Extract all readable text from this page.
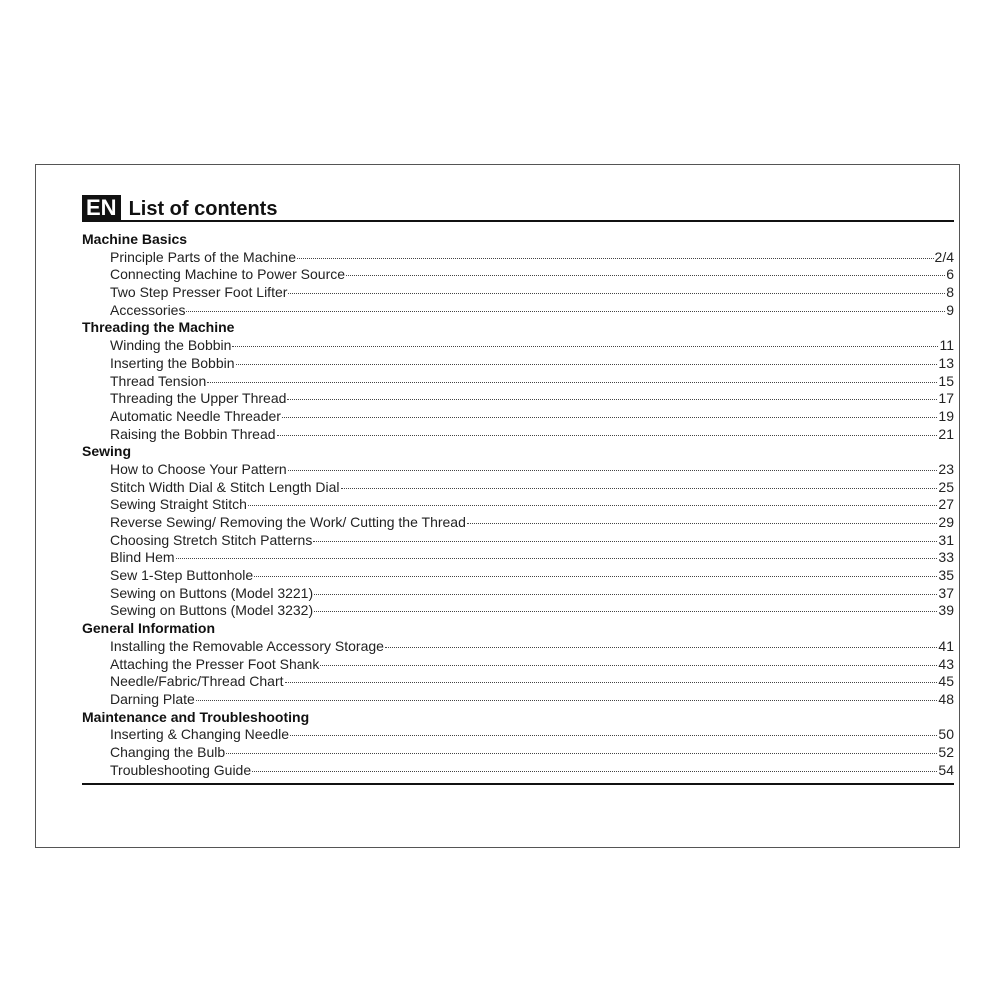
EN List of contents
Machine Basics
Principle Parts of the Machine	2/4
Connecting Machine to Power Source	6
Two Step Presser Foot Lifter	8
Accessories	9
Threading the Machine
Winding the Bobbin	11
Inserting the Bobbin	13
Thread Tension	15
Threading the Upper Thread	17
Automatic Needle Threader	19
Raising the Bobbin Thread	21
Sewing
How to Choose Your Pattern	23
Stitch Width Dial & Stitch Length Dial	25
Sewing Straight Stitch	27
Reverse Sewing/ Removing the Work/ Cutting the Thread	29
Choosing Stretch Stitch Patterns	31
Blind Hem	33
Sew 1-Step Buttonhole	35
Sewing on Buttons (Model 3221)	37
Sewing on Buttons (Model 3232)	39
General Information
Installing the Removable Accessory Storage	41
Attaching the Presser Foot Shank	43
Needle/Fabric/Thread Chart	45
Darning Plate	48
Maintenance and Troubleshooting
Inserting & Changing Needle	50
Changing the Bulb	52
Troubleshooting Guide	54
